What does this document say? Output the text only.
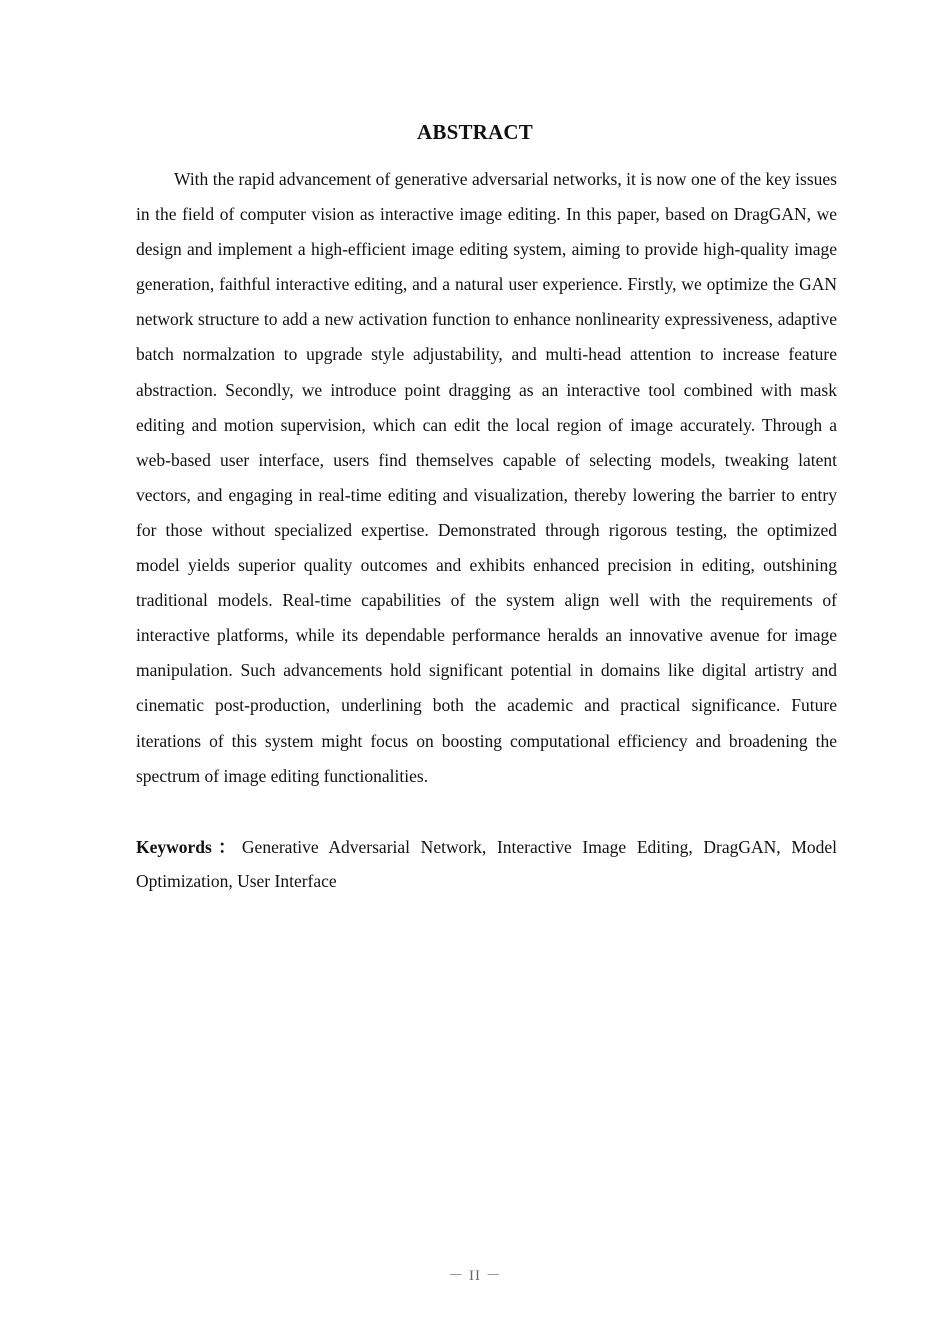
ABSTRACT

With the rapid advancement of generative adversarial networks, it is now one of the key issues in the field of computer vision as interactive image editing. In this paper, based on DragGAN, we design and implement a high-efficient image editing system, aiming to provide high-quality image generation, faithful interactive editing, and a natural user experience. Firstly, we optimize the GAN network structure to add a new activation function to enhance nonlinearity expressiveness, adaptive batch normalzation to upgrade style adjustability, and multi-head attention to increase feature abstraction. Secondly, we introduce point dragging as an interactive tool combined with mask editing and motion supervision, which can edit the local region of image accurately. Through a web-based user interface, users find themselves capable of selecting models, tweaking latent vectors, and engaging in real-time editing and visualization, thereby lowering the barrier to entry for those without specialized expertise. Demonstrated through rigorous testing, the optimized model yields superior quality outcomes and exhibits enhanced precision in editing, outshining traditional models. Real-time capabilities of the system align well with the requirements of interactive platforms, while its dependable performance heralds an innovative avenue for image manipulation. Such advancements hold significant potential in domains like digital artistry and cinematic post-production, underlining both the academic and practical significance. Future iterations of this system might focus on boosting computational efficiency and broadening the spectrum of image editing functionalities.

Keywords：Generative Adversarial Network, Interactive Image Editing, DragGAN, Model Optimization, User Interface

－ II －
